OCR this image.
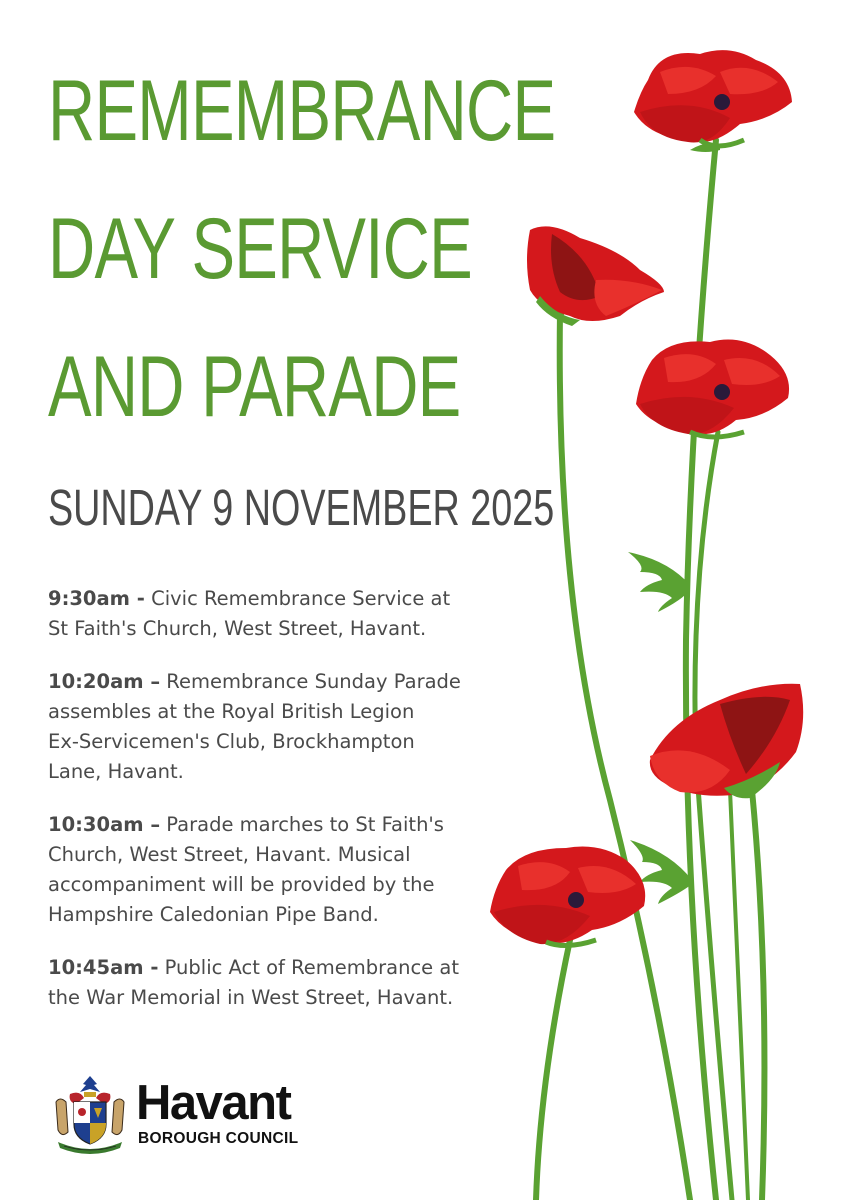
REMEMBRANCE
DAY SERVICE
AND PARADE
SUNDAY 9 NOVEMBER 2025

9:30am - Civic Remembrance Service at
St Faith's Church, West Street, Havant.

10:20am – Remembrance Sunday Parade
assembles at the Royal British Legion
Ex-Servicemen's Club, Brockhampton
Lane, Havant.

10:30am – Parade marches to St Faith's
Church, West Street, Havant. Musical
accompaniment will be provided by the
Hampshire Caledonian Pipe Band.

10:45am - Public Act of Remembrance at
the War Memorial in West Street, Havant.

Havant
BOROUGH COUNCIL
